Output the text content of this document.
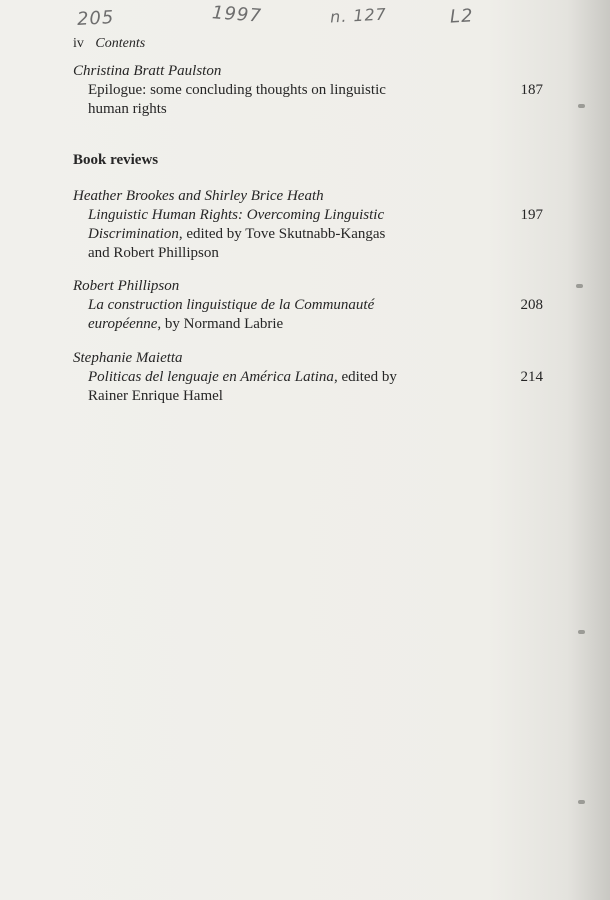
205	1997	n. 127	L2
iv Contents
Christina Bratt Paulston
Epilogue: some concluding thoughts on linguistic
human rights
187
Book reviews
Heather Brookes and Shirley Brice Heath
Linguistic Human Rights: Overcoming Linguistic
Discrimination, edited by Tove Skutnabb-Kangas
and Robert Phillipson
197
Robert Phillipson
La construction linguistique de la Communauté
européenne, by Normand Labrie
208
Stephanie Maietta
Politicas del lenguaje en América Latina, edited by
Rainer Enrique Hamel
214
